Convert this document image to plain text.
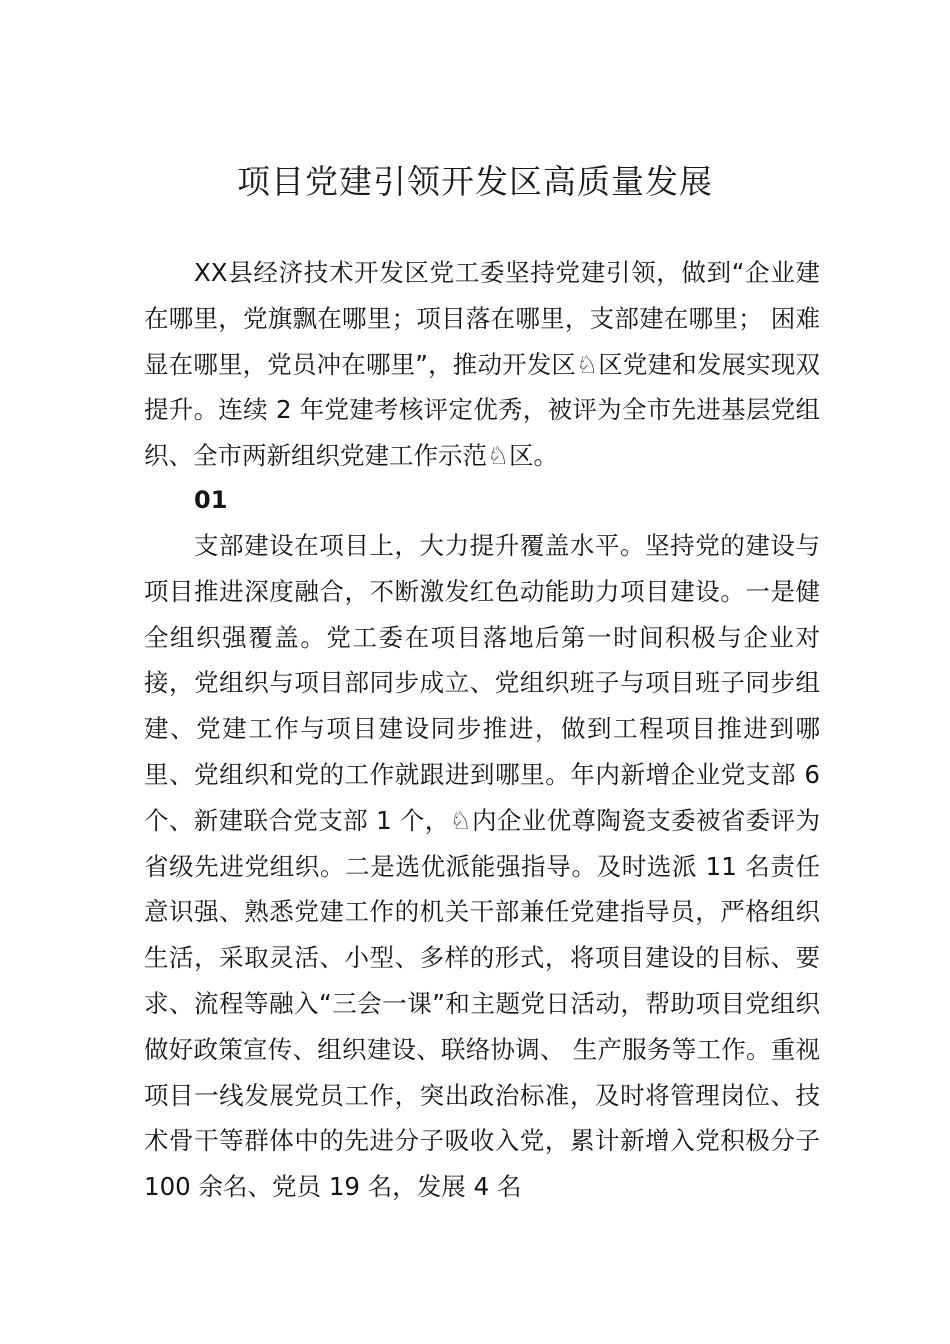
项目党建引领开发区高质量发展

XX县经济技术开发区党工委坚持党建引领，做到“企业建在哪里，党旗飘在哪里；项目落在哪里，支部建在哪里； 困难显在哪里，党员冲在哪里”，推动开发区♘区党建和发展实现双提升。连续 2 年党建考核评定优秀，被评为全市先进基层党组织、全市两新组织党建工作示范♘区。

01

支部建设在项目上，大力提升覆盖水平。坚持党的建设与项目推进深度融合，不断激发红色动能助力项目建设。一是健全组织强覆盖。党工委在项目落地后第一时间积极与企业对接，党组织与项目部同步成立、党组织班子与项目班子同步组建、党建工作与项目建设同步推进，做到工程项目推进到哪里、党组织和党的工作就跟进到哪里。年内新增企业党支部 6 个、新建联合党支部 1 个，♘内企业优尊陶瓷支委被省委评为省级先进党组织。二是选优派能强指导。及时选派 11 名责任意识强、熟悉党建工作的机关干部兼任党建指导员，严格组织生活，采取灵活、小型、多样的形式，将项目建设的目标、要求、流程等融入“三会一课”和主题党日活动，帮助项目党组织做好政策宣传、组织建设、联络协调、 生产服务等工作。重视项目一线发展党员工作，突出政治标准，及时将管理岗位、技术骨干等群体中的先进分子吸收入党，累计新增入党积极分子 100 余名、党员 19 名，发展 4 名
